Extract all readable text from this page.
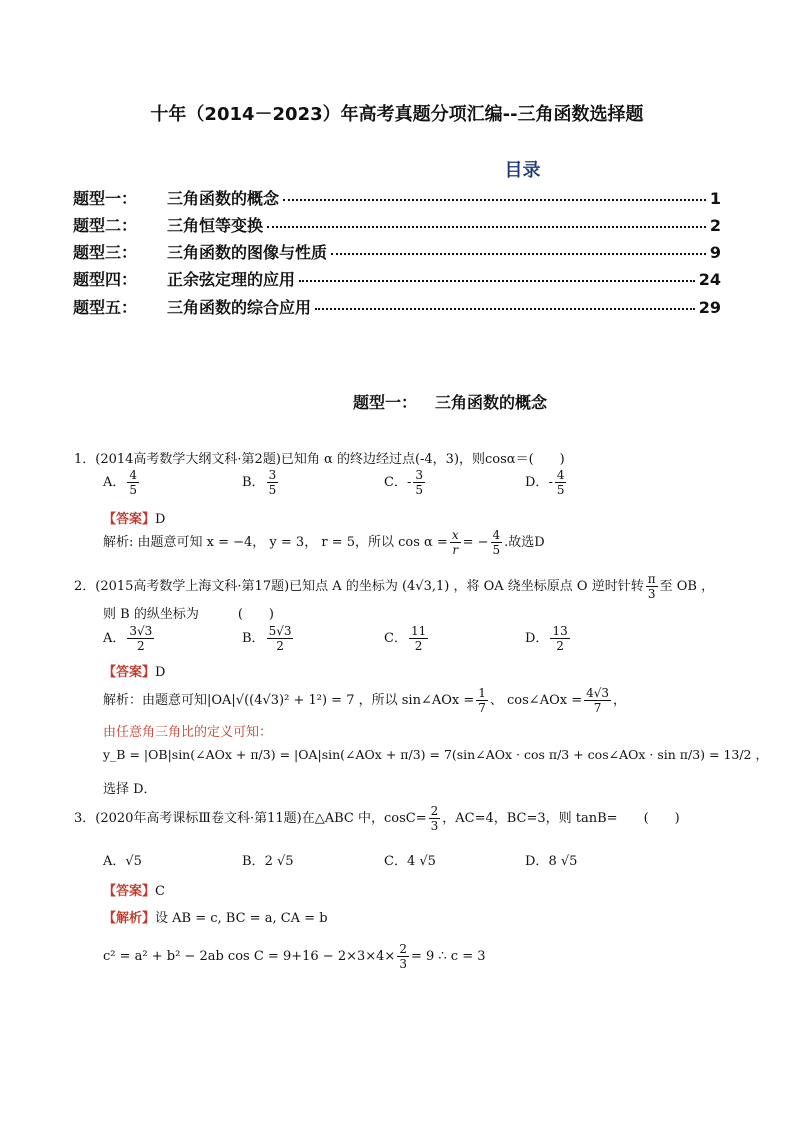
十年（2014－2023）年高考真题分项汇编--三角函数选择题
目录
题型一：	三角函数的概念	1
题型二：	三角恒等变换	2
题型三：	三角函数的图像与性质	9
题型四：	正余弦定理的应用	24
题型五：	三角函数的综合应用	29
题型一： 三角函数的概念
1．(2014高考数学大纲文科·第2题)已知角 α 的终边经过点(-4，3)，则cosα＝(　　)
A． $\frac{4}{5}$	B． $\frac{3}{5}$	C．- $\frac{3}{5}$	D．- $\frac{4}{5}$
【答案】D
解析: 由题意可知 x = −4， y = 3， r = 5，所以 $\cos \alpha = \frac{x}{r}$ = − $\frac{4}{5}$ .故选D
2．(2015高考数学上海文科·第17题)已知点 A 的坐标为 (4√3,1) ，将 OA 绕坐标原点 O 逆时针转 $\frac{\pi}{3}$ 至 OB ，
则 B 的纵坐标为　　　(　　)
A． $\frac{3√3}{2}$	B． $\frac{5√3}{2}$	C． $\frac{11}{2}$	D． $\frac{13}{2}$
【答案】D
解析：由题意可知|OA|√((4√3)² + 1²) = 7 ，所以 sin∠AOx = $\frac{1}{7}$ 、 cos∠AOx = $\frac{4√3}{7}$ ，
由任意角三角比的定义可知：
y_B = |OB|sin(∠AOx + π/3) = |OA|sin(∠AOx + π/3) = 7(sin∠AOx · cos π/3 + cos∠AOx · sin π/3) = 13/2 ，
选择 D．
3．(2020年高考课标Ⅲ卷文科·第11题)在△ABC 中，$\cos C= \frac{2}{3}$ ，AC=4，BC=3，则 tanB=　　(　　)
A．√5	B．2 √5	C．4 √5	D．8 √5
【答案】C
【解析】设 AB = c, BC = a, CA = b
c² = a² + b² − 2ab $\cos C = 9+16 - 2\times 3\times 4\times \frac{2}{3} = 9$ ∴ c = 3
